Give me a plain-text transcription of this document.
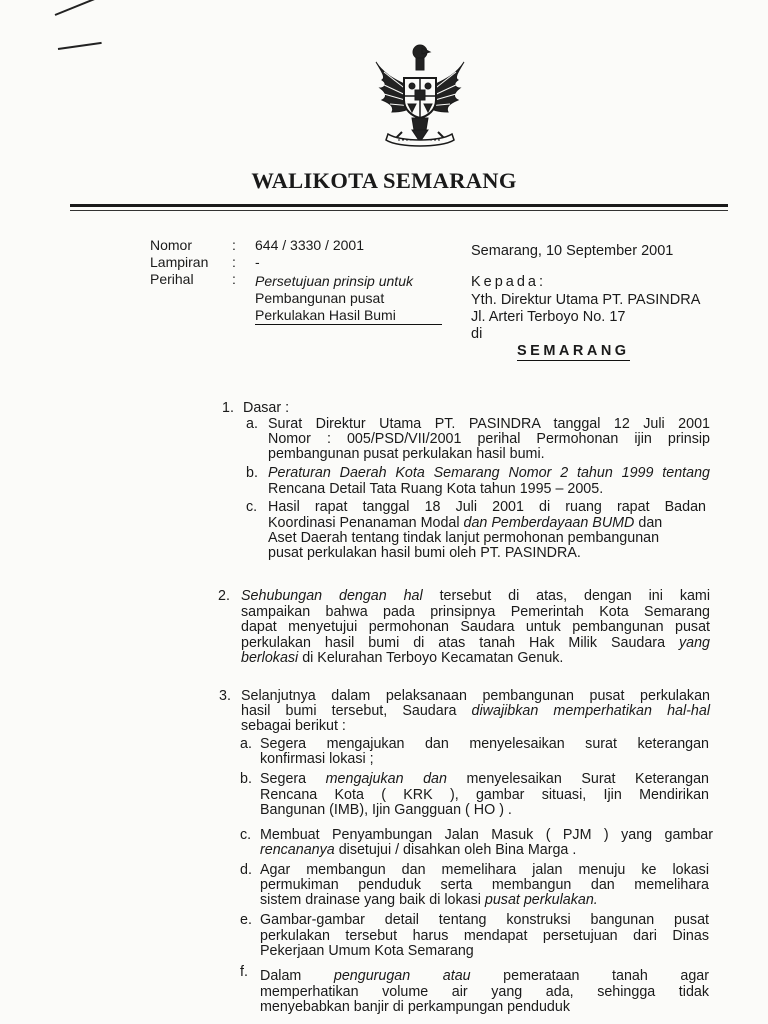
WALIKOTA SEMARANG
Nomor	: 644 / 3330 / 2001
Lampiran : -
Perihal	: Persetujuan prinsip untuk
Pembangunan pusat
Perkulakan Hasil Bumi
Semarang, 10 September 2001
Kepada:
Yth. Direktur Utama PT. PASINDRA
Jl. Arteri Terboyo No. 17
di
SEMARANG
1. Dasar :
a. Surat Direktur Utama PT. PASINDRA tanggal 12 Juli 2001
Nomor : 005/PSD/VII/2001 perihal Permohonan ijin prinsip
pembangunan pusat perkulakan hasil bumi.
b. Peraturan Daerah Kota Semarang Nomor 2 tahun 1999 tentang
Rencana Detail Tata Ruang Kota tahun 1995 – 2005.
c. Hasil rapat tanggal 18 Juli 2001 di ruang rapat Badan
Koordinasi Penanaman Modal dan Pemberdayaan BUMD dan
Aset Daerah tentang tindak lanjut permohonan pembangunan
pusat perkulakan hasil bumi oleh PT. PASINDRA.
2. Sehubungan dengan hal tersebut di atas, dengan ini kami
sampaikan bahwa pada prinsipnya Pemerintah Kota Semarang
dapat menyetujui permohonan Saudara untuk pembangunan pusat
perkulakan hasil bumi di atas tanah Hak Milik Saudara yang
berlokasi di Kelurahan Terboyo Kecamatan Genuk.
3. Selanjutnya dalam pelaksanaan pembangunan pusat perkulakan
hasil bumi tersebut, Saudara diwajibkan memperhatikan hal-hal
sebagai berikut :
a. Segera mengajukan dan menyelesaikan surat keterangan
konfirmasi lokasi ;
b. Segera mengajukan dan menyelesaikan Surat Keterangan
Rencana Kota ( KRK ), gambar situasi, Ijin Mendirikan
Bangunan (IMB), Ijin Gangguan ( HO ) .
c. Membuat Penyambungan Jalan Masuk ( PJM ) yang gambar
rencananya disetujui / disahkan oleh Bina Marga .
d. Agar membangun dan memelihara jalan menuju ke lokasi
permukiman penduduk serta membangun dan memelihara
sistem drainase yang baik di lokasi pusat perkulakan.
e. Gambar-gambar detail tentang konstruksi bangunan pusat
perkulakan tersebut harus mendapat persetujuan dari Dinas
Pekerjaan Umum Kota Semarang
f. Dalam pengurugan atau pemerataan tanah agar
memperhatikan volume air yang ada, sehingga tidak
menyebabkan banjir di perkampungan penduduk
